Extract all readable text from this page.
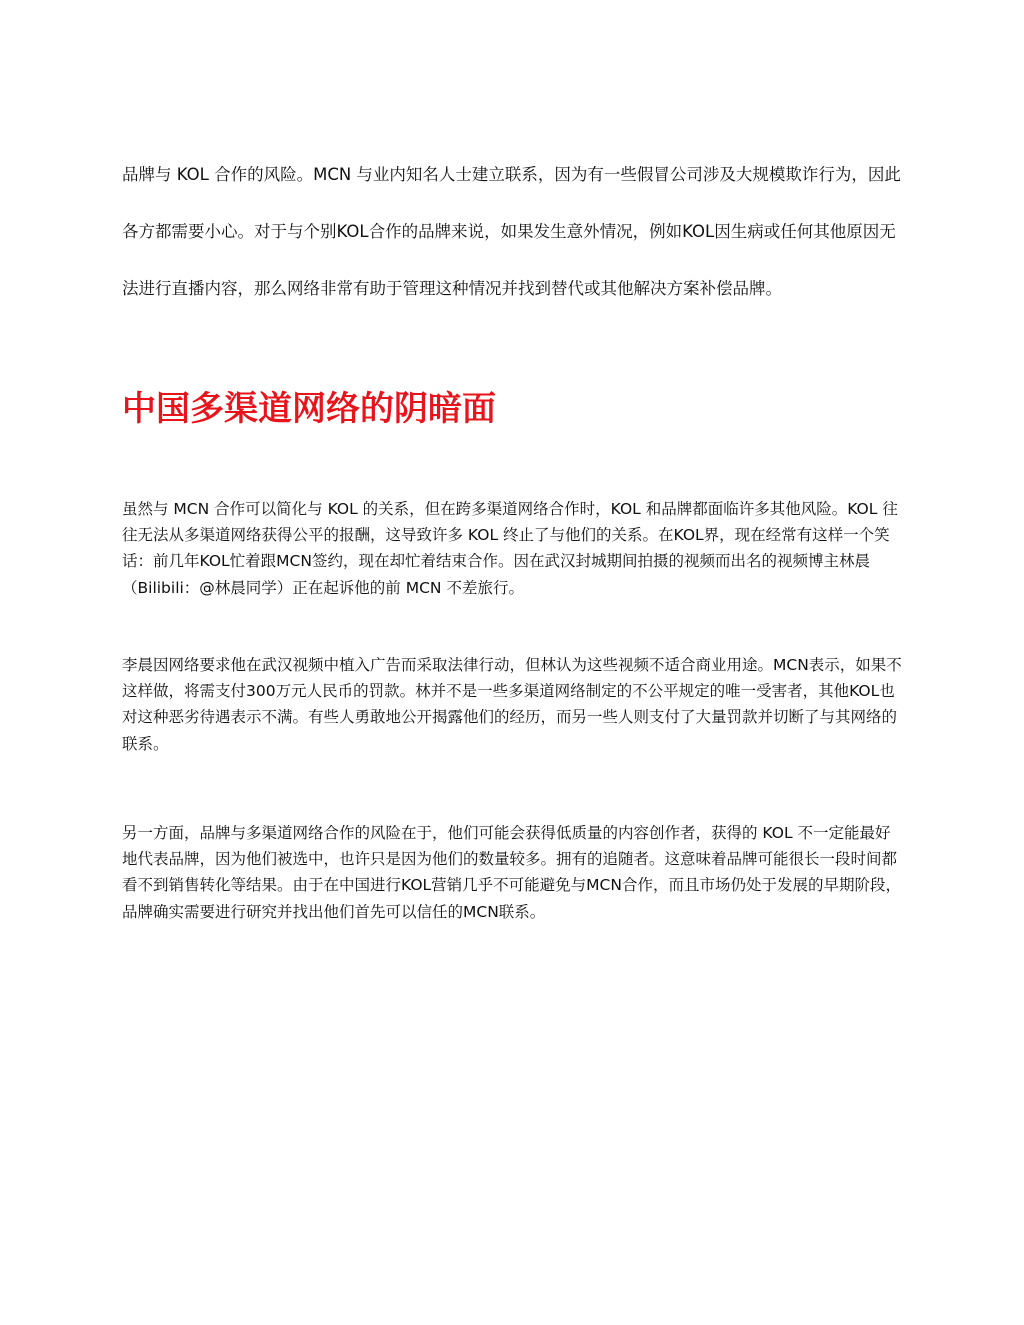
品牌与 KOL 合作的风险。MCN 与业内知名人士建立联系，因为有一些假冒公司涉及大规模欺诈行为，因此各方都需要小心。对于与个别KOL合作的品牌来说，如果发生意外情况，例如KOL因生病或任何其他原因无法进行直播内容，那么网络非常有助于管理这种情况并找到替代或其他解决方案补偿品牌。

中国多渠道网络的阴暗面

虽然与 MCN 合作可以简化与 KOL 的关系，但在跨多渠道网络合作时，KOL 和品牌都面临许多其他风险。KOL 往往无法从多渠道网络获得公平的报酬，这导致许多 KOL 终止了与他们的关系。在KOL界，现在经常有这样一个笑话：前几年KOL忙着跟MCN签约，现在却忙着结束合作。因在武汉封城期间拍摄的视频而出名的视频博主林晨（Bilibili：@林晨同学）正在起诉他的前 MCN 不差旅行。

李晨因网络要求他在武汉视频中植入广告而采取法律行动，但林认为这些视频不适合商业用途。MCN表示，如果不这样做，将需支付300万元人民币的罚款。林并不是一些多渠道网络制定的不公平规定的唯一受害者，其他KOL也对这种恶劣待遇表示不满。有些人勇敢地公开揭露他们的经历，而另一些人则支付了大量罚款并切断了与其网络的联系。

另一方面，品牌与多渠道网络合作的风险在于，他们可能会获得低质量的内容创作者，获得的 KOL 不一定能最好地代表品牌，因为他们被选中，也许只是因为他们的数量较多。拥有的追随者。这意味着品牌可能很长一段时间都看不到销售转化等结果。由于在中国进行KOL营销几乎不可能避免与MCN合作，而且市场仍处于发展的早期阶段，品牌确实需要进行研究并找出他们首先可以信任的MCN联系。
